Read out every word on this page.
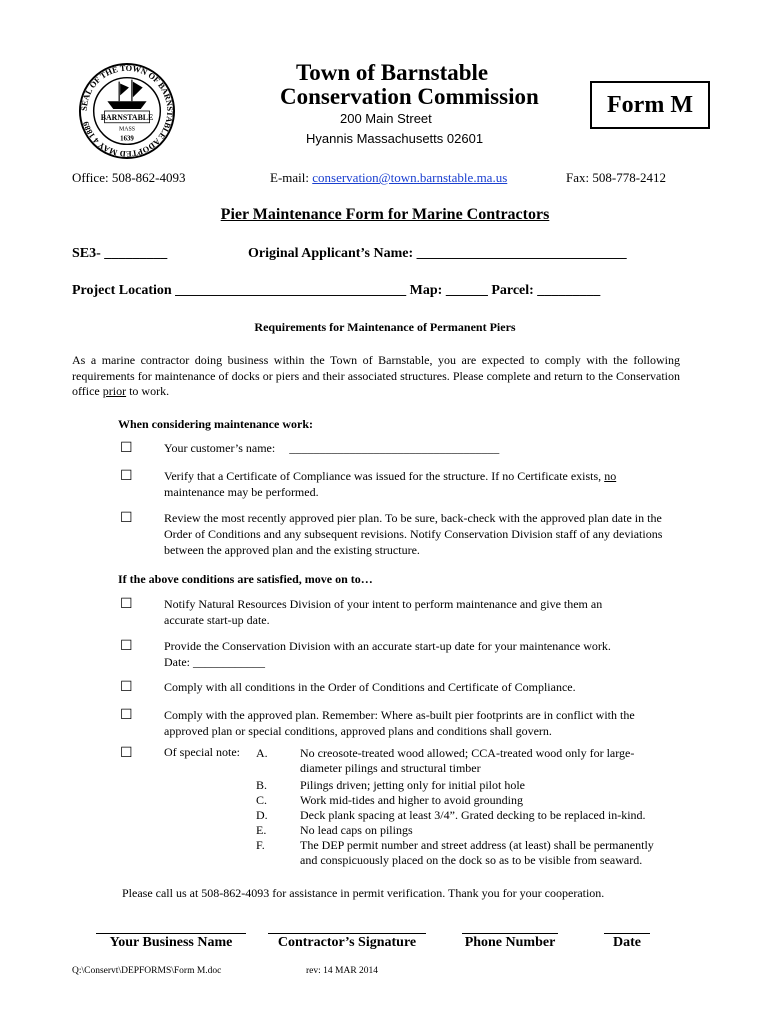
SEAL OF THE TOWN OF BARNSTABLE ADOPTED MAY 4 1889
BARNSTABLE
MASS
1639
Town of Barnstable
Conservation Commission
200 Main Street
Hyannis Massachusetts 02601
Form M
Office: 508-862-4093	E-mail: conservation@town.barnstable.ma.us	Fax: 508-778-2412
Pier Maintenance Form for Marine Contractors
SE3- _________	Original Applicant’s Name: ______________________________
Project Location _________________________________ Map: ______ Parcel: _________
Requirements for Maintenance of Permanent Piers
As a marine contractor doing business within the Town of Barnstable, you are expected to comply with the following requirements for maintenance of docks or piers and their associated structures. Please complete and return to the Conservation office prior to work.
When considering maintenance work:
☐	Your customer’s name: ___________________________________
☐	Verify that a Certificate of Compliance was issued for the structure. If no Certificate exists, no maintenance may be performed.
☐	Review the most recently approved pier plan. To be sure, back-check with the approved plan date in the Order of Conditions and any subsequent revisions. Notify Conservation Division staff of any deviations between the approved plan and the existing structure.
If the above conditions are satisfied, move on to…
☐	Notify Natural Resources Division of your intent to perform maintenance and give them an accurate start-up date.
☐	Provide the Conservation Division with an accurate start-up date for your maintenance work.
Date: ____________
☐	Comply with all conditions in the Order of Conditions and Certificate of Compliance.
☐	Comply with the approved plan. Remember: Where as-built pier footprints are in conflict with the approved plan or special conditions, approved plans and conditions shall govern.
☐	Of special note: A.	No creosote-treated wood allowed; CCA-treated wood only for large-diameter pilings and structural timber
B.	Pilings driven; jetting only for initial pilot hole
C.	Work mid-tides and higher to avoid grounding
D.	Deck plank spacing at least 3/4”. Grated decking to be replaced in-kind.
E.	No lead caps on pilings
F.	The DEP permit number and street address (at least) shall be permanently and conspicuously placed on the dock so as to be visible from seaward.
Please call us at 508-862-4093 for assistance in permit verification. Thank you for your cooperation.
Your Business Name	Contractor’s Signature	Phone Number	Date
Q:\Conservt\DEPFORMS\Form M.doc	rev: 14 MAR 2014
